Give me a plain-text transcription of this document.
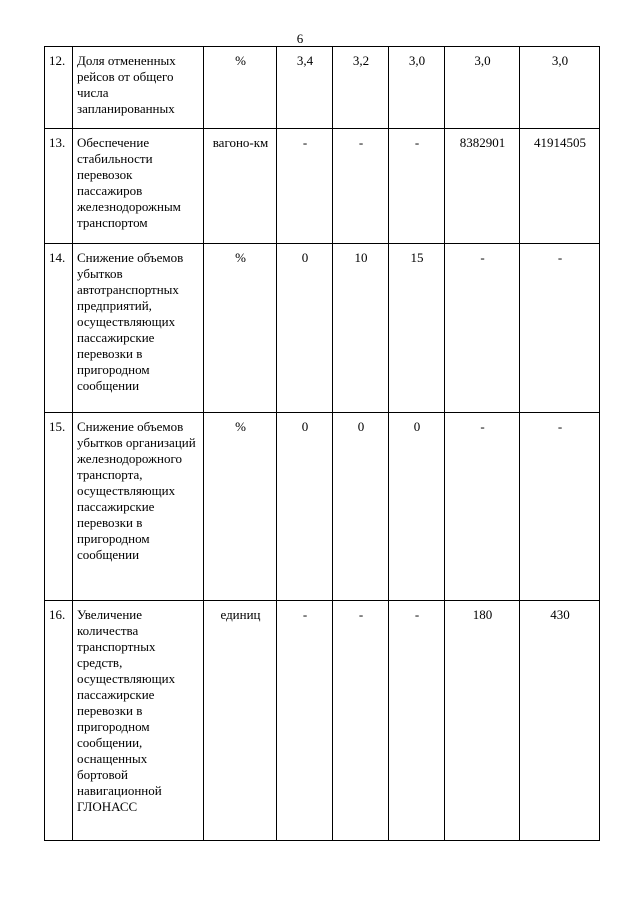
6
12.	Доля отмененных рейсов от общего числа запланированных	%	3,4	3,2	3,0	3,0	3,0
13.	Обеспечение стабильности перевозок пассажиров железнодорожным транспортом	вагоно-км	-	-	-	8382901	41914505
14.	Снижение объемов убытков автотранспортных предприятий, осуществляющих пассажирские перевозки в пригородном сообщении	%	0	10	15	-	-
15.	Снижение объемов убытков организаций железнодорожного транспорта, осуществляющих пассажирские перевозки в пригородном сообщении	%	0	0	0	-	-
16.	Увеличение количества транспортных средств, осуществляющих пассажирские перевозки в пригородном сообщении, оснащенных бортовой навигационной ГЛОНАСС	единиц	-	-	-	180	430
